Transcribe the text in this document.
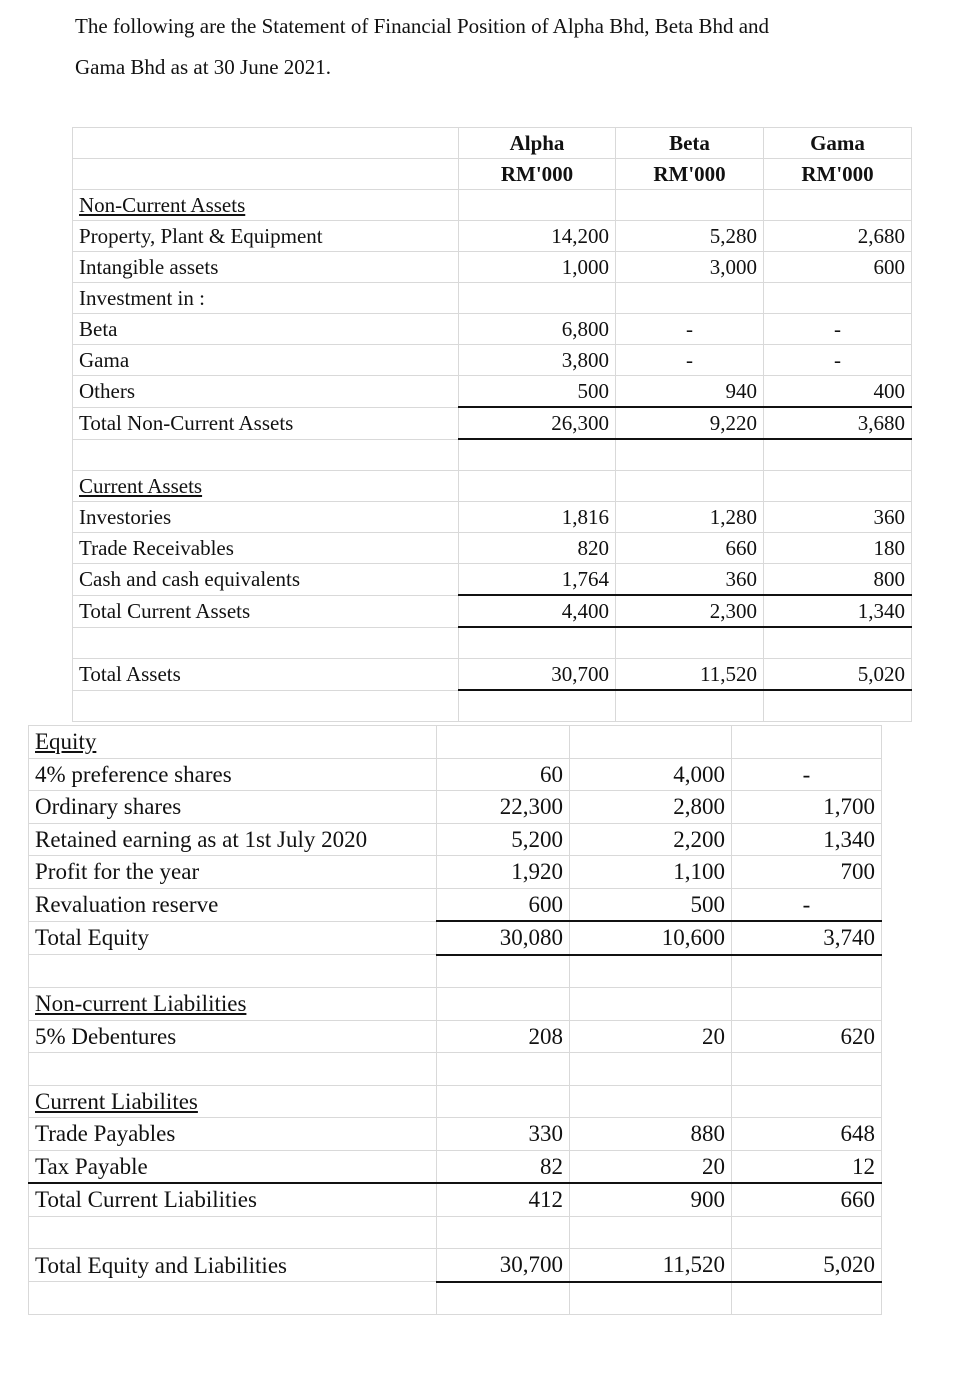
The following are the Statement of Financial Position of Alpha Bhd, Beta Bhd and
Gama Bhd as at 30 June 2021.

	Alpha	Beta	Gama
	RM'000	RM'000	RM'000
Non-Current Assets			
Property, Plant & Equipment	14,200	5,280	2,680
Intangible assets	1,000	3,000	600
Investment in :			
Beta	6,800	-	-
Gama	3,800	-	-
Others	500	940	400
Total Non-Current Assets	26,300	9,220	3,680

Current Assets			
Investories	1,816	1,280	360
Trade Receivables	820	660	180
Cash and cash equivalents	1,764	360	800
Total Current Assets	4,400	2,300	1,340

Total Assets	30,700	11,520	5,020

Equity			
4% preference shares	60	4,000	-
Ordinary shares	22,300	2,800	1,700
Retained earning as at 1st July 2020	5,200	2,200	1,340
Profit for the year	1,920	1,100	700
Revaluation reserve	600	500	-
Total Equity	30,080	10,600	3,740

Non-current Liabilities			
5% Debentures	208	20	620

Current Liabilites			
Trade Payables	330	880	648
Tax Payable	82	20	12
Total Current Liabilities	412	900	660

Total Equity and Liabilities	30,700	11,520	5,020
